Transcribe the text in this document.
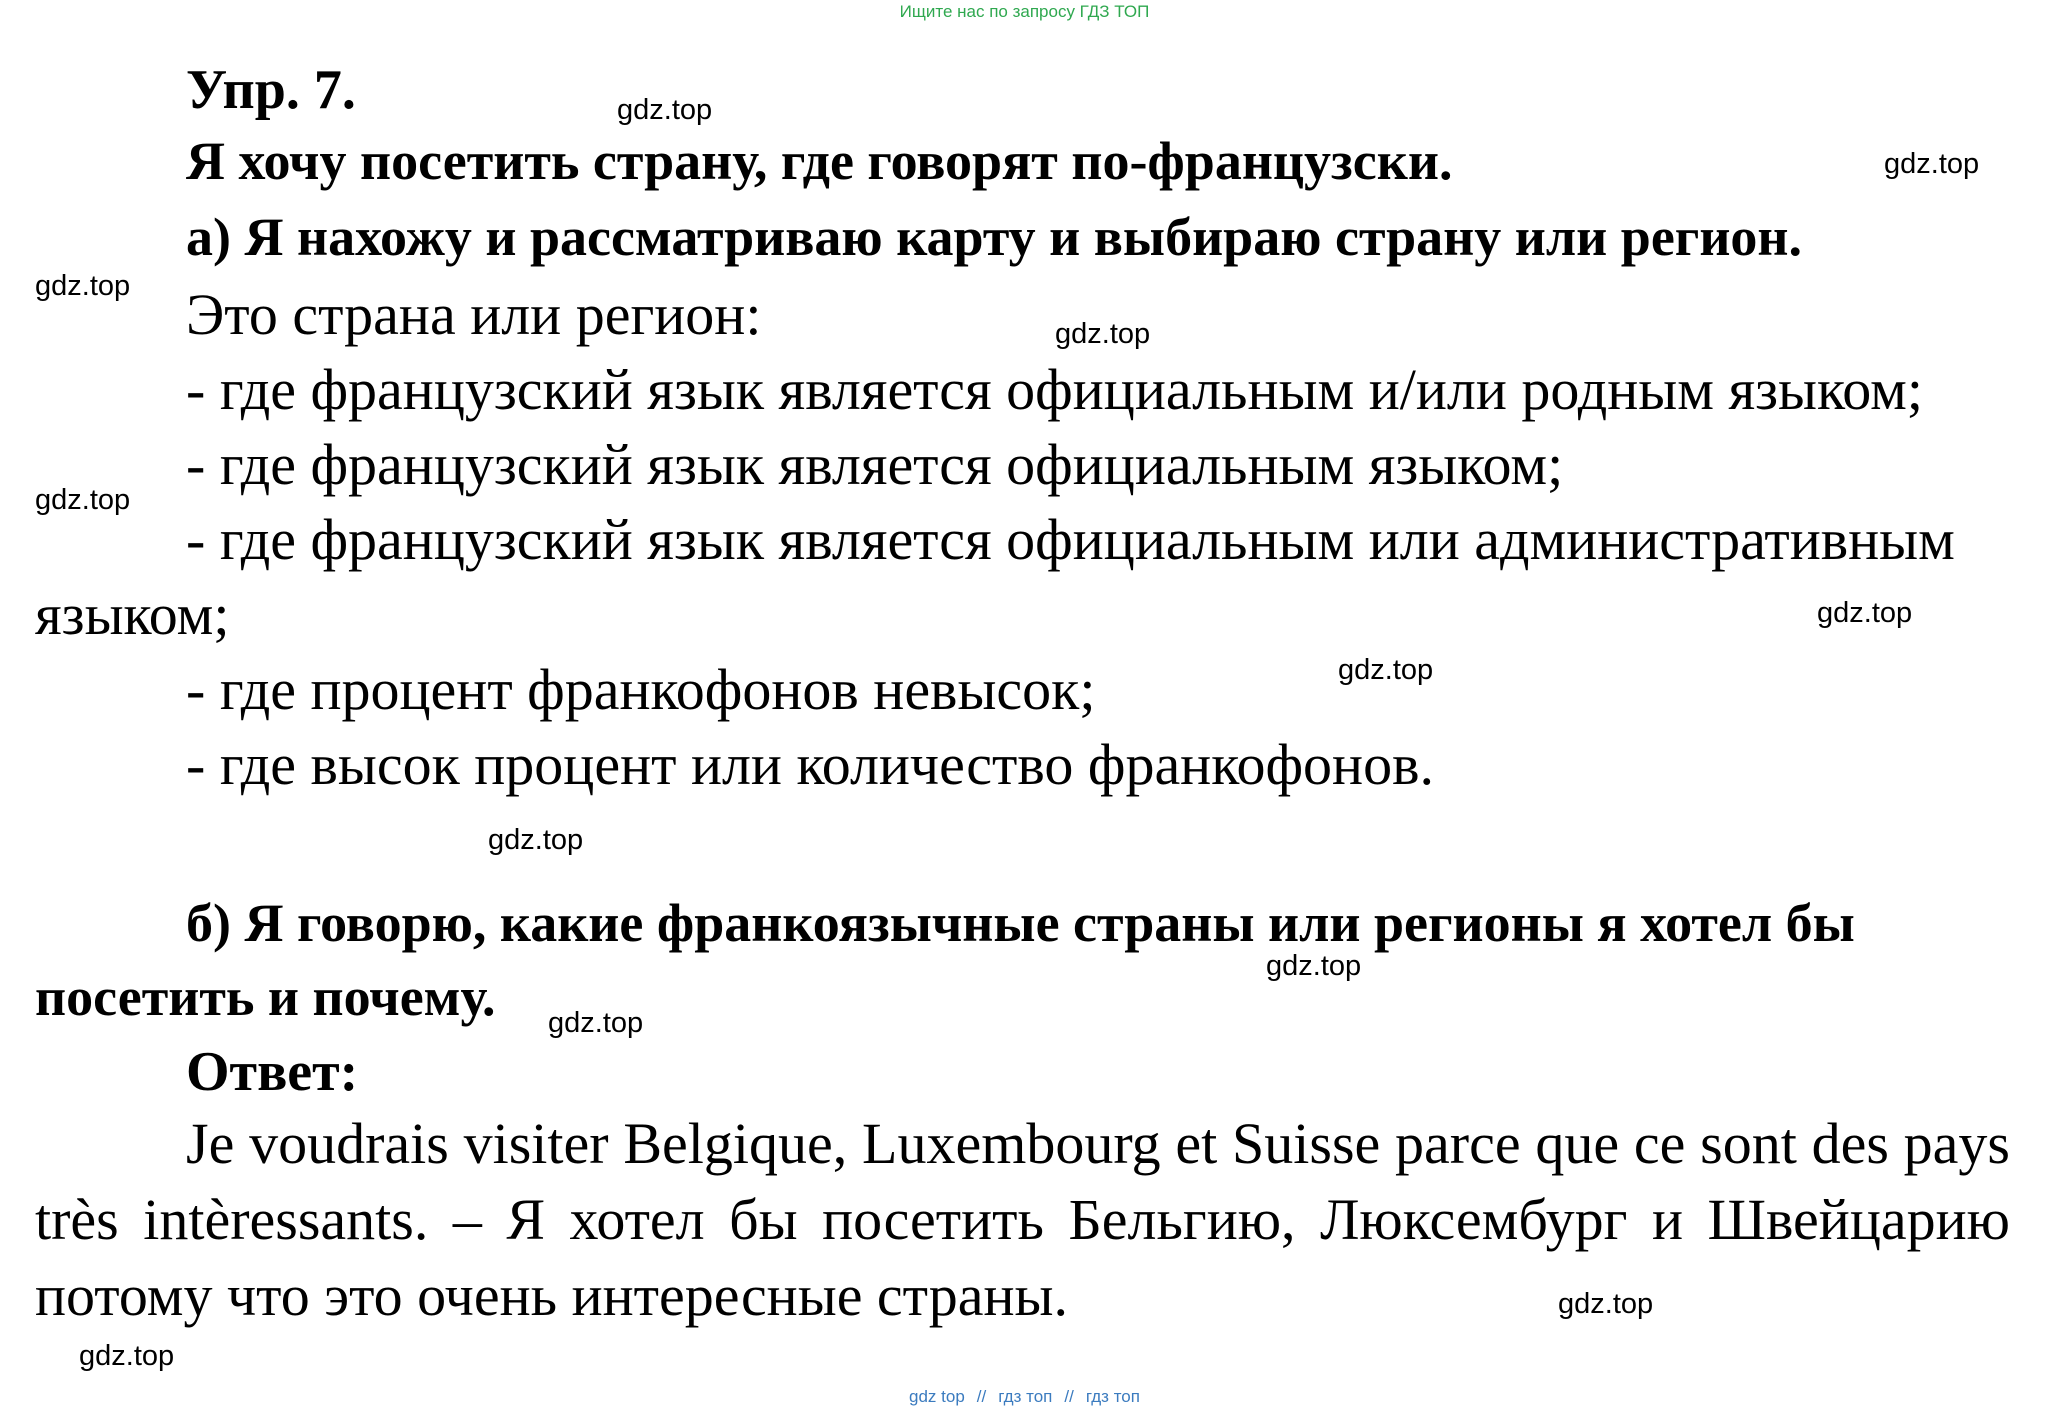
Ищите нас по запросу ГДЗ ТОП
Упр. 7.
Я хочу посетить страну, где говорят по-французски.
а) Я нахожу и рассматриваю карту и выбираю страну или регион.
Это страна или регион:
- где французский язык является официальным и/или родным языком;
- где французский язык является официальным языком;
- где французский язык является официальным или административным
языком;
- где процент франкофонов невысок;
- где высок процент или количество франкофонов.
б) Я говорю, какие франкоязычные страны или регионы я хотел бы
посетить и почему.
Ответ:
Je voudrais visiter Belgique, Luxembourg et Suisse parce que ce sont des pays très intèressants. – Я хотел бы посетить Бельгию, Люксембург и Швейцарию потому что это очень интересные страны.
gdz.top
gdz.top
gdz.top
gdz.top
gdz.top
gdz.top
gdz.top
gdz.top
gdz.top
gdz.top
gdz.top
gdz.top
gdz top // гдз топ // гдз топ
